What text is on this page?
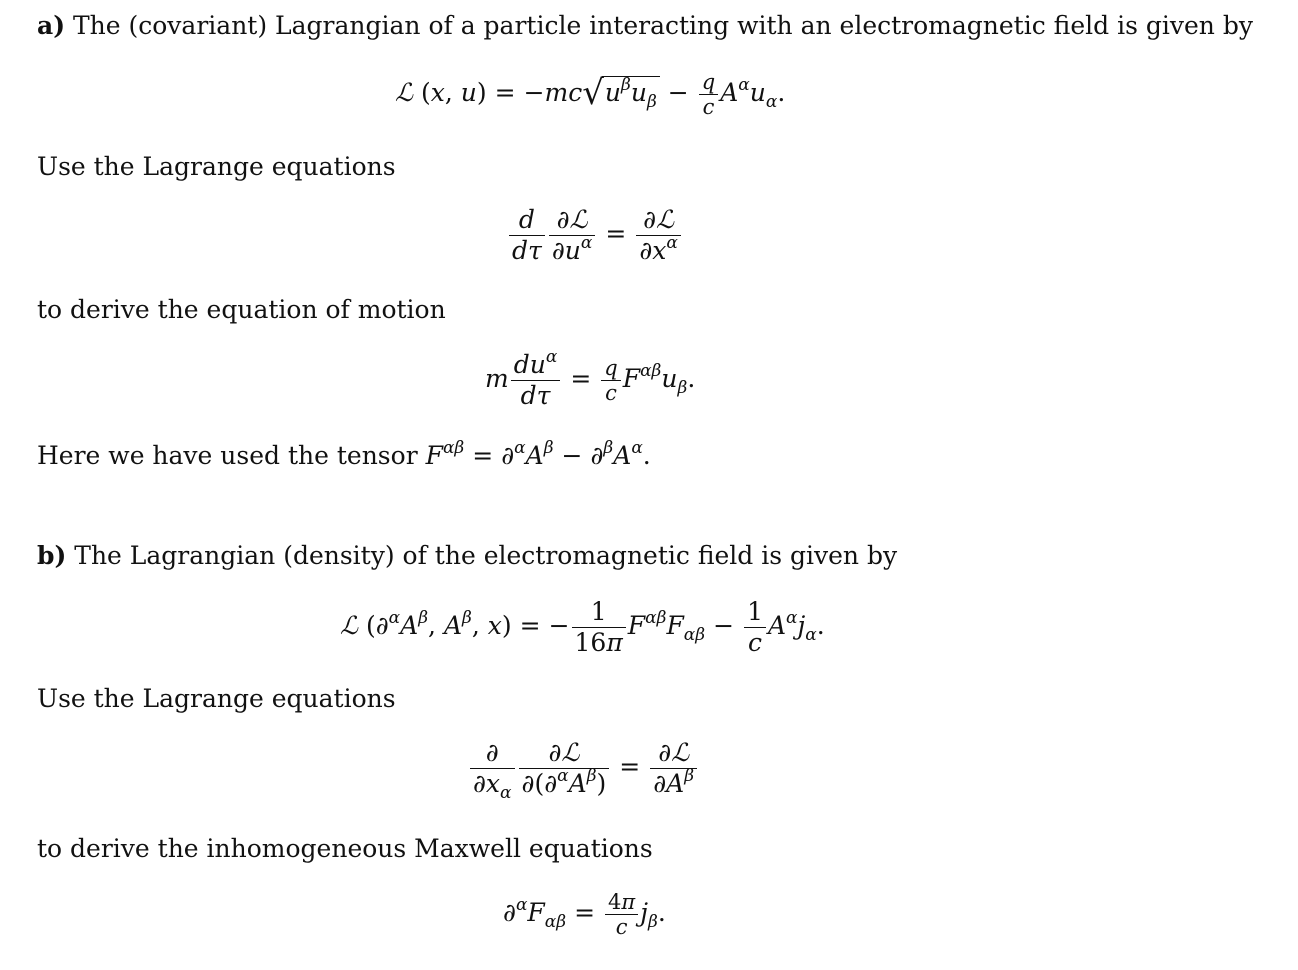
a) The (covariant) Lagrangian of a particle interacting with an electromagnetic field is given by
ℒ (x, $u) = -mc√u^\beta u_\beta - \frac{q}{c} A^\alpha u_\alpha$.
Use the Lagrange equations
$\frac{d}{d\tau} \frac{\text{∂ℒ}}{\partial u^\alpha} = \frac{\text{∂ℒ}}{\partial x^\alpha}$
to derive the equation of motion
m $\frac{du^\alpha}{d\tau} = \frac{q}{c} F^{\alpha\beta}u_\beta$.
Here we have used the tensor $F^{\alpha\beta} = \partial^\alpha A^\beta - \partial^\beta A^\alpha$.
b) The Lagrangian (density) of the electromagnetic field is given by
ℒ ($\partial^\alpha A^\beta$, $A^\beta$, x) = − $\frac{1}{16\pi} F^{\alpha\beta}F_{\alpha\beta} - \frac{1}{c} A^\alpha j_\alpha$.
Use the Lagrange equations
$\frac{\partial}{\partial x_\alpha} \frac{\text{∂ℒ}}{\partial(\partial^\alpha A^\beta)} = \frac{\text{∂ℒ}}{\partial A^\beta}$
to derive the inhomogeneous Maxwell equations
$\partial^\alpha F_{\alpha\beta} = \frac{4\pi}{c} j_\beta$.
